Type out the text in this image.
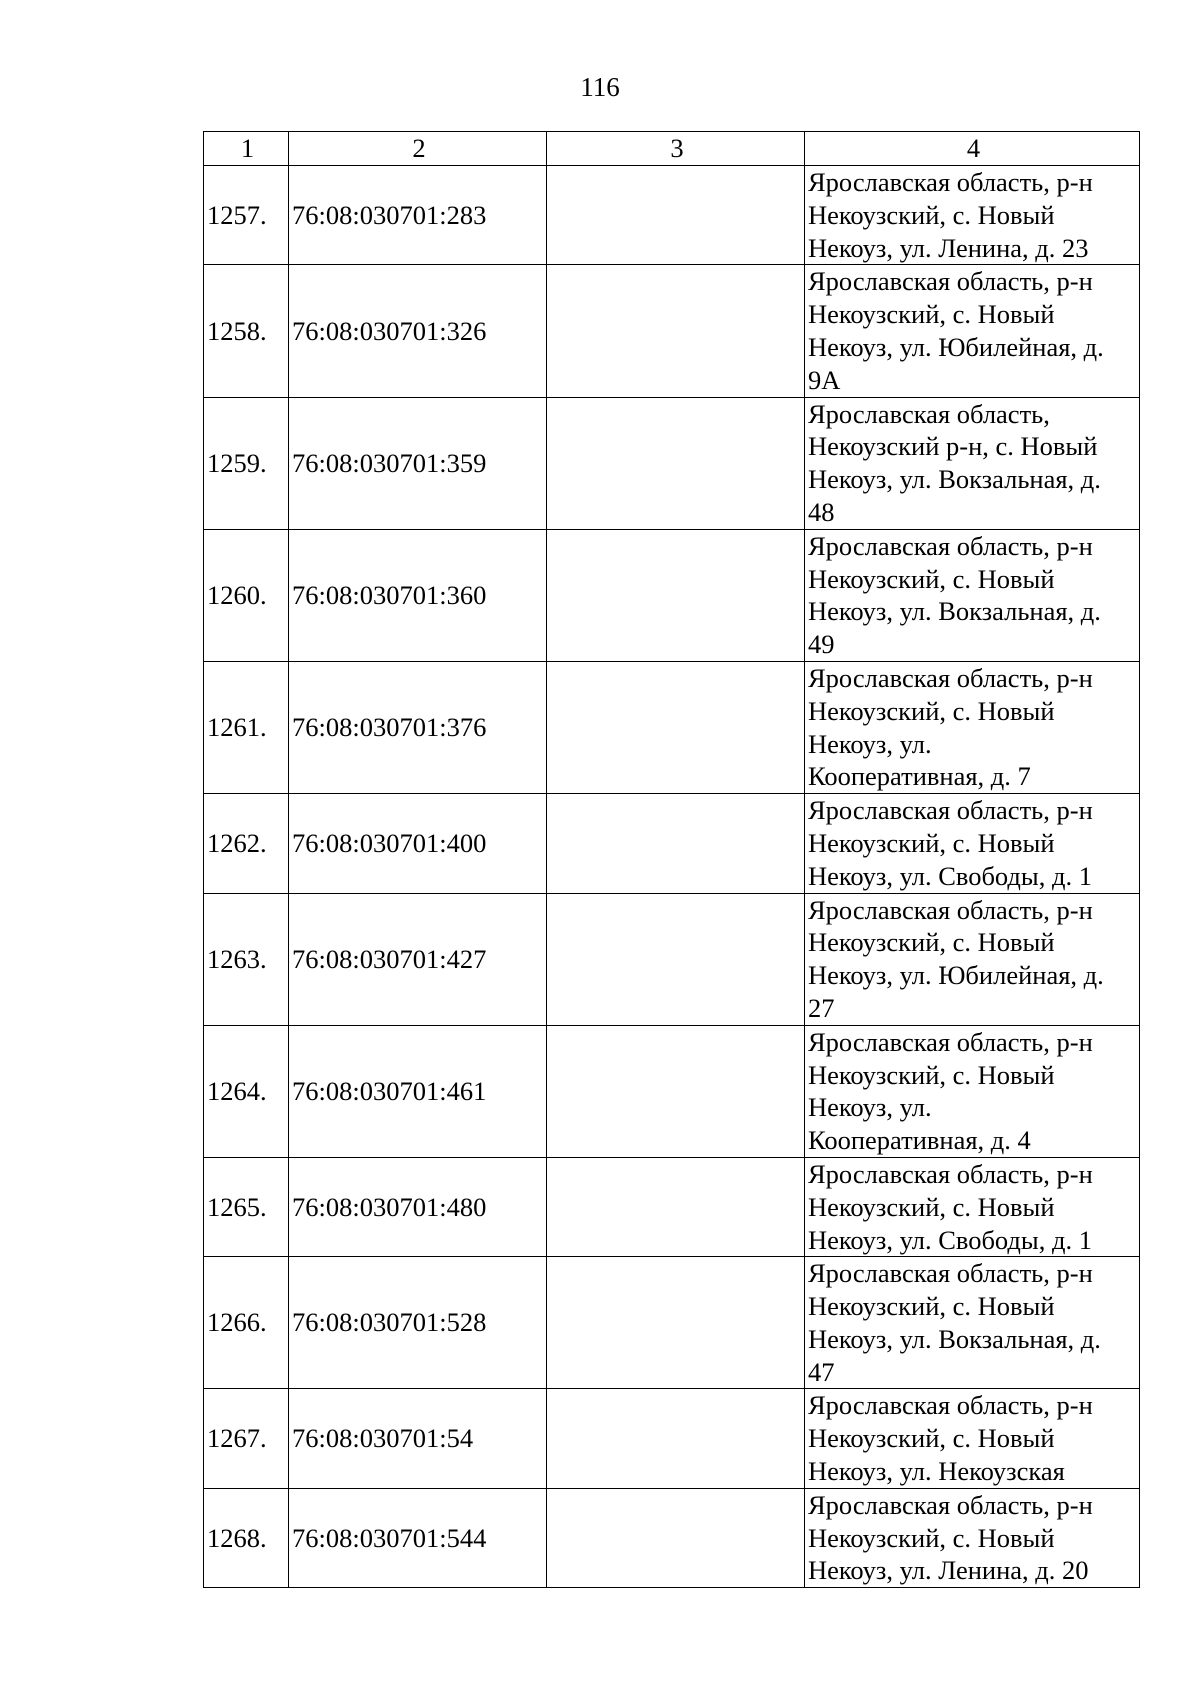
116
1	2	3	4
1257.	76:08:030701:283		Ярославская область, р-н
Некоузский, с. Новый
Некоуз, ул. Ленина, д. 23

1258.	76:08:030701:326		Ярославская область, р-н
Некоузский, с. Новый
Некоуз, ул. Юбилейная, д.
9А

1259.	76:08:030701:359		Ярославская область,
Некоузский р-н, с. Новый
Некоуз, ул. Вокзальная, д.
48

1260.	76:08:030701:360		Ярославская область, р-н
Некоузский, с. Новый
Некоуз, ул. Вокзальная, д.
49

1261.	76:08:030701:376		Ярославская область, р-н
Некоузский, с. Новый
Некоуз, ул.
Кооперативная, д. 7

1262.	76:08:030701:400		Ярославская область, р-н
Некоузский, с. Новый
Некоуз, ул. Свободы, д. 1

1263.	76:08:030701:427		Ярославская область, р-н
Некоузский, с. Новый
Некоуз, ул. Юбилейная, д.
27

1264.	76:08:030701:461		Ярославская область, р-н
Некоузский, с. Новый
Некоуз, ул.
Кооперативная, д. 4

1265.	76:08:030701:480		Ярославская область, р-н
Некоузский, с. Новый
Некоуз, ул. Свободы, д. 1

1266.	76:08:030701:528		Ярославская область, р-н
Некоузский, с. Новый
Некоуз, ул. Вокзальная, д.
47

1267.	76:08:030701:54		Ярославская область, р-н
Некоузский, с. Новый
Некоуз, ул. Некоузская

1268.	76:08:030701:544		Ярославская область, р-н
Некоузский, с. Новый
Некоуз, ул. Ленина, д. 20
